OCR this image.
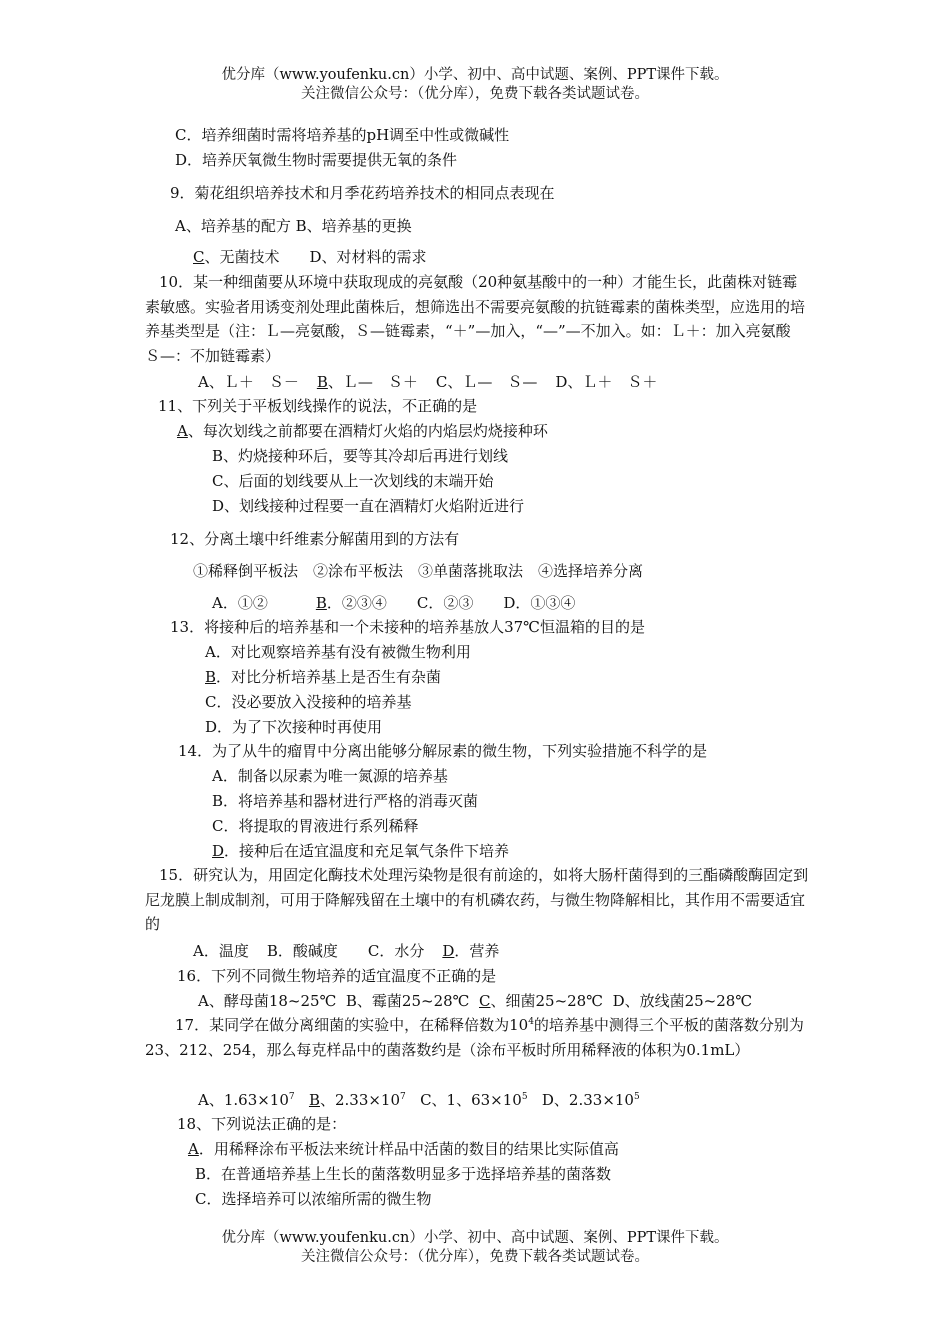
优分库（www.youfenku.cn）小学、初中、高中试题、案例、PPT课件下载。
关注微信公众号：（优分库），免费下载各类试题试卷。
C．培养细菌时需将培养基的pH调至中性或微碱性
D．培养厌氧微生物时需要提供无氧的条件
9．菊花组织培养技术和月季花药培养技术的相同点表现在
A、培养基的配方 B、培养基的更换
C、无菌技术 D、对材料的需求
10．某一种细菌要从环境中获取现成的亮氨酸（20种氨基酸中的一种）才能生长，此菌株对链霉素敏感。实验者用诱变剂处理此菌株后，想筛选出不需要亮氨酸的抗链霉素的菌株类型，应选用的培养基类型是（注：Ｌ—亮氨酸，Ｓ—链霉素，“＋”—加入，“—”—不加入。如：Ｌ＋：加入亮氨酸　　Ｓ—：不加链霉素）
A、Ｌ＋　Ｓ－ B、Ｌ—　Ｓ＋ C、Ｌ—　Ｓ— D、Ｌ＋　Ｓ＋
11、下列关于平板划线操作的说法，不正确的是
A、每次划线之前都要在酒精灯火焰的内焰层灼烧接种环
B、灼烧接种环后，要等其冷却后再进行划线
C、后面的划线要从上一次划线的末端开始
D、划线接种过程要一直在酒精灯火焰附近进行
12、分离土壤中纤维素分解菌用到的方法有
①稀释倒平板法　②涂布平板法　③单菌落挑取法　④选择培养分离
A．①②	B．②③④ C．②③ D．①③④
13．将接种后的培养基和一个未接种的培养基放人37℃恒温箱的目的是
A．对比观察培养基有没有被微生物利用
B．对比分析培养基上是否生有杂菌
C．没必要放入没接种的培养基
D．为了下次接种时再使用
14．为了从牛的瘤胃中分离出能够分解尿素的微生物，下列实验措施不科学的是
A．制备以尿素为唯一氮源的培养基
B．将培养基和器材进行严格的消毒灭菌
C．将提取的胃液进行系列稀释
D．接种后在适宜温度和充足氧气条件下培养
15．研究认为，用固定化酶技术处理污染物是很有前途的，如将大肠杆菌得到的三酯磷酸酶固定到尼龙膜上制成制剂，可用于降解残留在土壤中的有机磷农药，与微生物降解相比，其作用不需要适宜的
A．温度 B．酸碱度 C．水分 D．营养
16．下列不同微生物培养的适宜温度不正确的是
A、酵母菌18~25℃ B、霉菌25~28℃ C、细菌25~28℃ D、放线菌25~28℃
17．某同学在做分离细菌的实验中，在稀释倍数为$10^4$的培养基中测得三个平板的菌落数分别为23、212、254，那么每克样品中的菌落数约是（涂布平板时所用稀释液的体积为0.1mL）
A、$1.63\times 10^7$ B、$2.33\times 10^7$ C、1、$63\times 10^5$ D、$2.33\times 10^5$
18、下列说法正确的是：
A．用稀释涂布平板法来统计样品中活菌的数目的结果比实际值高
B．在普通培养基上生长的菌落数明显多于选择培养基的菌落数
C．选择培养可以浓缩所需的微生物
优分库（www.youfenku.cn）小学、初中、高中试题、案例、PPT课件下载。
关注微信公众号：（优分库），免费下载各类试题试卷。
